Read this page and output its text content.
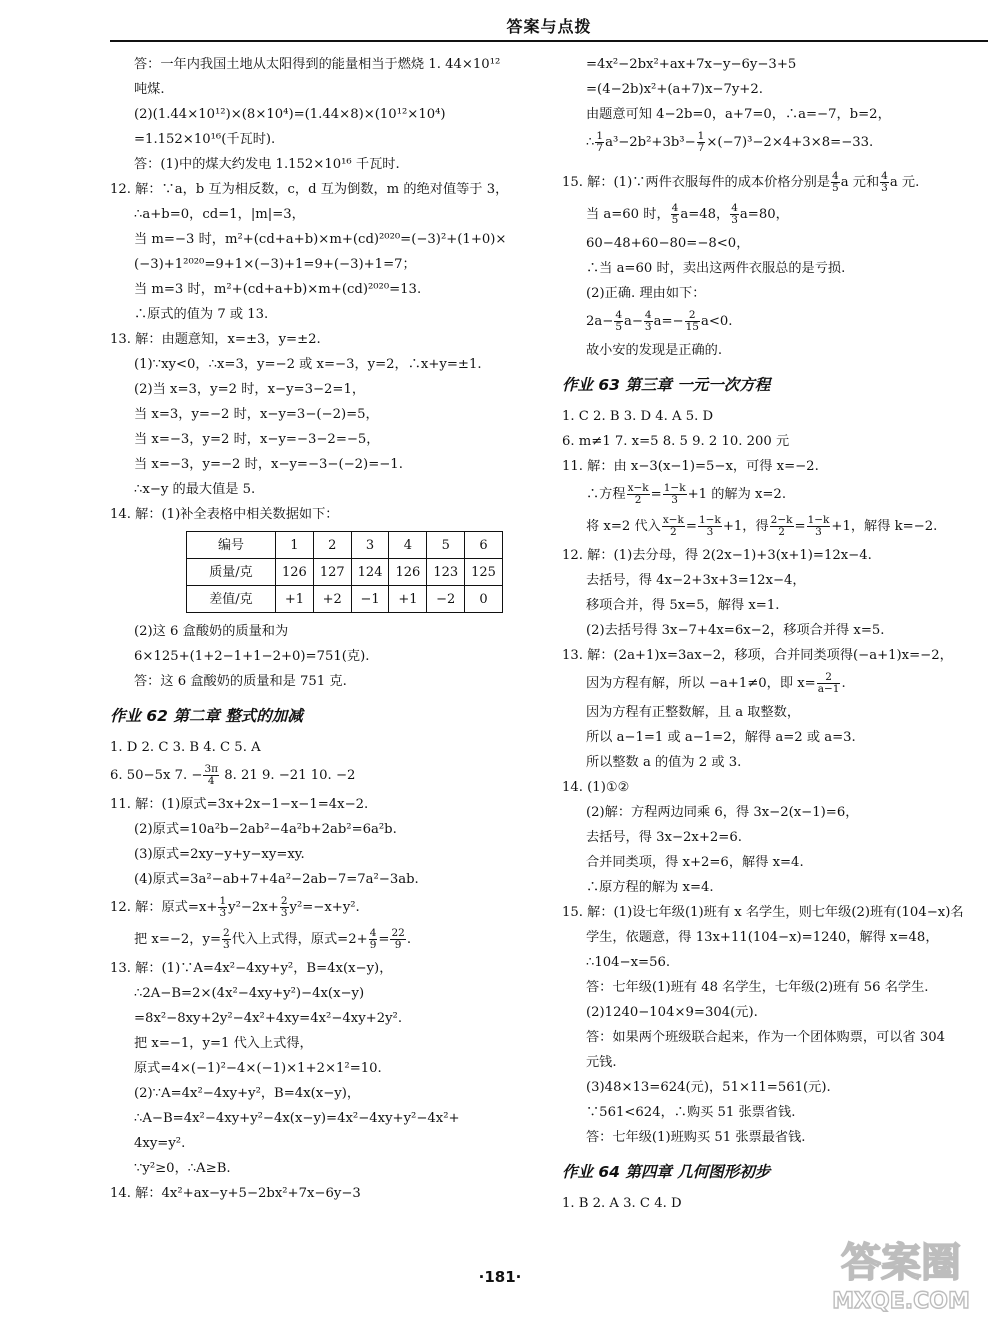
答案与点拨
答：一年内我国土地从太阳得到的能量相当于燃烧 1. 44×10¹²
吨煤.
(2)(1.44×10¹²)×(8×10⁴)=(1.44×8)×(10¹²×10⁴)
=1.152×10¹⁶(千瓦时).
答：(1)中的煤大约发电 1.152×10¹⁶ 千瓦时.
12. 解：∵a，b 互为相反数，c，d 互为倒数，m 的绝对值等于 3，
∴a+b=0，cd=1，|m|=3，
当 m=−3 时，m²+(cd+a+b)×m+(cd)²⁰²⁰=(−3)²+(1+0)×
(−3)+1²⁰²⁰=9+1×(−3)+1=9+(−3)+1=7；
当 m=3 时，m²+(cd+a+b)×m+(cd)²⁰²⁰=13.
∴原式的值为 7 或 13.
13. 解：由题意知，x=±3，y=±2.
(1)∵xy<0，∴x=3，y=−2 或 x=−3，y=2，∴x+y=±1.
(2)当 x=3，y=2 时，x−y=3−2=1，
当 x=3，y=−2 时，x−y=3−(−2)=5，
当 x=−3，y=2 时，x−y=−3−2=−5，
当 x=−3，y=−2 时，x−y=−3−(−2)=−1.
∴x−y 的最大值是 5.
14. 解：(1)补全表格中相关数据如下：
编号	1	2	3	4	5	6
质量/克	126	127	124	126	123	125
差值/克	+1	+2	−1	+1	−2	0
(2)这 6 盒酸奶的质量和为
6×125+(1+2−1+1−2+0)=751(克).
答：这 6 盒酸奶的质量和是 751 克.
作业 62 第二章 整式的加减
1. D 2. C 3. B 4. C 5. A
6. 50−5x 7. − $\frac{3\pi}{4} 8$. 21 9. −21 10. −2
11. 解：(1)原式=3x+2x−1−x−1=4x−2.
(2)原式=10a²b−2ab²−4a²b+2ab²=6a²b.
(3)原式=2xy−y+y−xy=xy.
(4)原式=3a²−ab+7+4a²−2ab−7=7a²−3ab.
12. 解：原式$=x+ \frac{1}{3} y^2-2x+ \frac{2}{3} y^2=-x+y^2$.
把 x=−2，$y= \frac{2}{3}$ 代入上式得，原式$=2+ \frac{4}{9} = \frac{22}{9}$ .
13. 解：(1)∵A=4x²−4xy+y²，B=4x(x−y)，
∴2A−B=2×(4x²−4xy+y²)−4x(x−y)
=8x²−8xy+2y²−4x²+4xy=4x²−4xy+2y².
把 x=−1，y=1 代入上式得，
原式=4×(−1)²−4×(−1)×1+2×1²=10.
(2)∵A=4x²−4xy+y²，B=4x(x−y)，
∴A−B=4x²−4xy+y²−4x(x−y)=4x²−4xy+y²−4x²+
4xy=y².
∵y²≥0，∴A≥B.
14. 解：4x²+ax−y+5−2bx²+7x−6y−3
=4x²−2bx²+ax+7x−y−6y−3+5
=(4−2b)x²+(a+7)x−7y+2.
由题意可知 4−2b=0，a+7=0，∴a=−7，b=2，
∴ $\frac{1}{7} a^3-2b^2+3b^3- \frac{1}{7} \times(-7)^3-2\times 4+3\times 8=-33$.
15. 解：(1)∵两件衣服每件的成本价格分别是 $\frac{4}{5}$ a 元和 $\frac{4}{3}$ a 元.
当 a=60 时， $\frac{4}{5} a=48$， $\frac{4}{3} a=80$，
60−48+60−80=−8<0，
∴当 a=60 时，卖出这两件衣服总的是亏损.
(2)正确. 理由如下：
$2a- \frac{4}{5} a- \frac{4}{3} a=- \frac{2}{15} a<0$.
故小安的发现是正确的.
作业 63 第三章 一元一次方程
1. C 2. B 3. D 4. A 5. D
6. m≠1 7. x=5 8. 5 9. 2 10. 200 元
11. 解：由 x−3(x−1)=5−x，可得 x=−2.
∴方程 $\frac{x-k}{2} = \frac{1-k}{3} +1$ 的解为 x=2.
将 x=2 代入 $\frac{x-k}{2} = \frac{1-k}{3} +1$，得 $\frac{2-k}{2} = \frac{1-k}{3} +1$，解得 k=−2.
12. 解：(1)去分母，得 2(2x−1)+3(x+1)=12x−4.
去括号，得 4x−2+3x+3=12x−4，
移项合并，得 5x=5，解得 x=1.
(2)去括号得 3x−7+4x=6x−2，移项合并得 x=5.
13. 解：(2a+1)x=3ax−2，移项，合并同类项得(−a+1)x=−2，
因为方程有解，所以 −a+1≠0，即 $x= \frac{2}{a-1}$ .
因为方程有正整数解，且 a 取整数，
所以 a−1=1 或 a−1=2，解得 a=2 或 a=3.
所以整数 a 的值为 2 或 3.
14. (1)①②
(2)解：方程两边同乘 6，得 3x−2(x−1)=6，
去括号，得 3x−2x+2=6.
合并同类项，得 x+2=6，解得 x=4.
∴原方程的解为 x=4.
15. 解：(1)设七年级(1)班有 x 名学生，则七年级(2)班有(104−x)名
学生，依题意，得 13x+11(104−x)=1240，解得 x=48，
∴104−x=56.
答：七年级(1)班有 48 名学生，七年级(2)班有 56 名学生.
(2)1240−104×9=304(元).
答：如果两个班级联合起来，作为一个团体购票，可以省 304
元钱.
(3)48×13=624(元)，51×11=561(元).
∵561<624，∴购买 51 张票省钱.
答：七年级(1)班购买 51 张票最省钱.
作业 64 第四章 几何图形初步
1. B 2. A 3. C 4. D
·181·	答案圈
MXQE.COM
